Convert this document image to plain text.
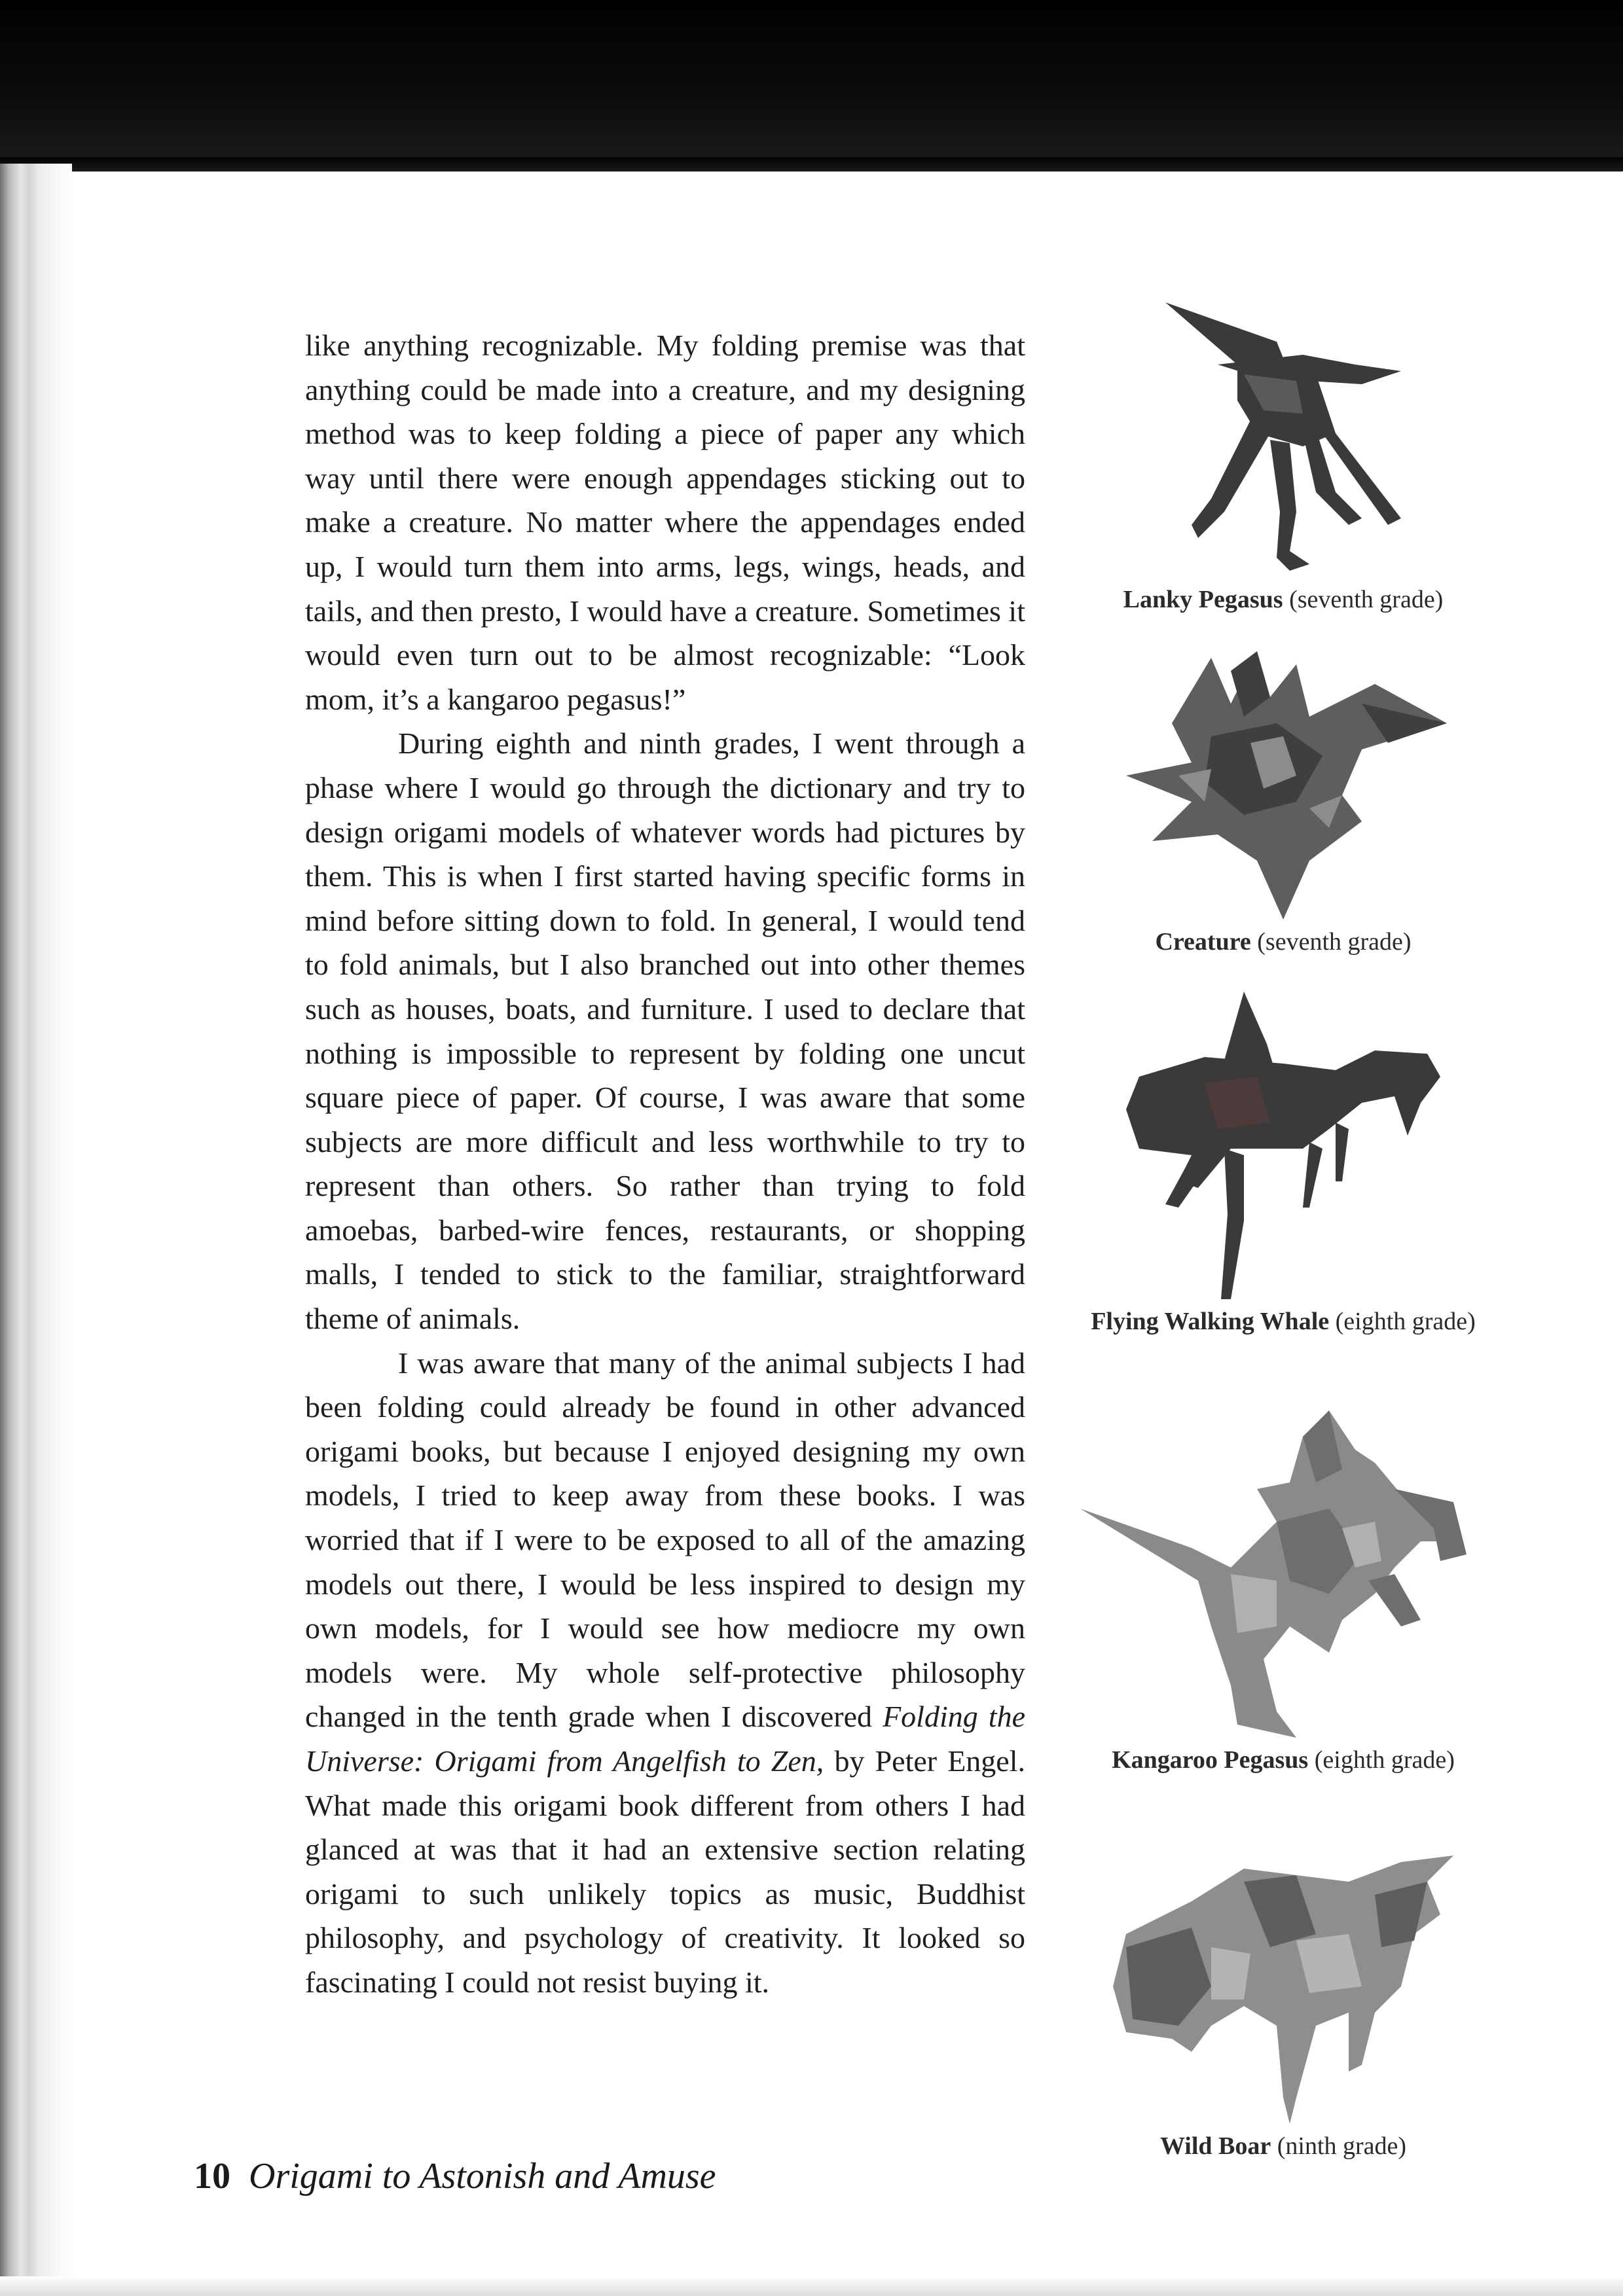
like anything recognizable. My folding premise was that anything could be made into a creature, and my designing method was to keep folding a piece of paper any which way until there were enough appendages sticking out to make a creature. No matter where the appendages ended up, I would turn them into arms, legs, wings, heads, and tails, and then presto, I would have a creature. Sometimes it would even turn out to be almost recognizable: “Look mom, it’s a kangaroo pegasus!”

During eighth and ninth grades, I went through a phase where I would go through the dictionary and try to design origami models of whatever words had pictures by them. This is when I first started having specific forms in mind before sitting down to fold. In general, I would tend to fold animals, but I also branched out into other themes such as houses, boats, and furniture. I used to declare that nothing is impossible to represent by folding one uncut square piece of paper. Of course, I was aware that some subjects are more difficult and less worthwhile to try to represent than others. So rather than trying to fold amoebas, barbed-wire fences, restaurants, or shopping malls, I tended to stick to the familiar, straightforward theme of animals.

I was aware that many of the animal subjects I had been folding could already be found in other advanced origami books, but because I enjoyed designing my own models, I tried to keep away from these books. I was worried that if I were to be exposed to all of the amazing models out there, I would be less inspired to design my own models, for I would see how mediocre my own models were. My whole self-protective philosophy changed in the tenth grade when I discovered Folding the Universe: Origami from Angelfish to Zen, by Peter Engel. What made this origami book different from others I had glanced at was that it had an extensive section relating origami to such unlikely topics as music, Buddhist philosophy, and psychology of creativity. It looked so fascinating I could not resist buying it.

Lanky Pegasus (seventh grade)
Creature (seventh grade)
Flying Walking Whale (eighth grade)
Kangaroo Pegasus (eighth grade)
Wild Boar (ninth grade)
10 Origami to Astonish and Amuse
